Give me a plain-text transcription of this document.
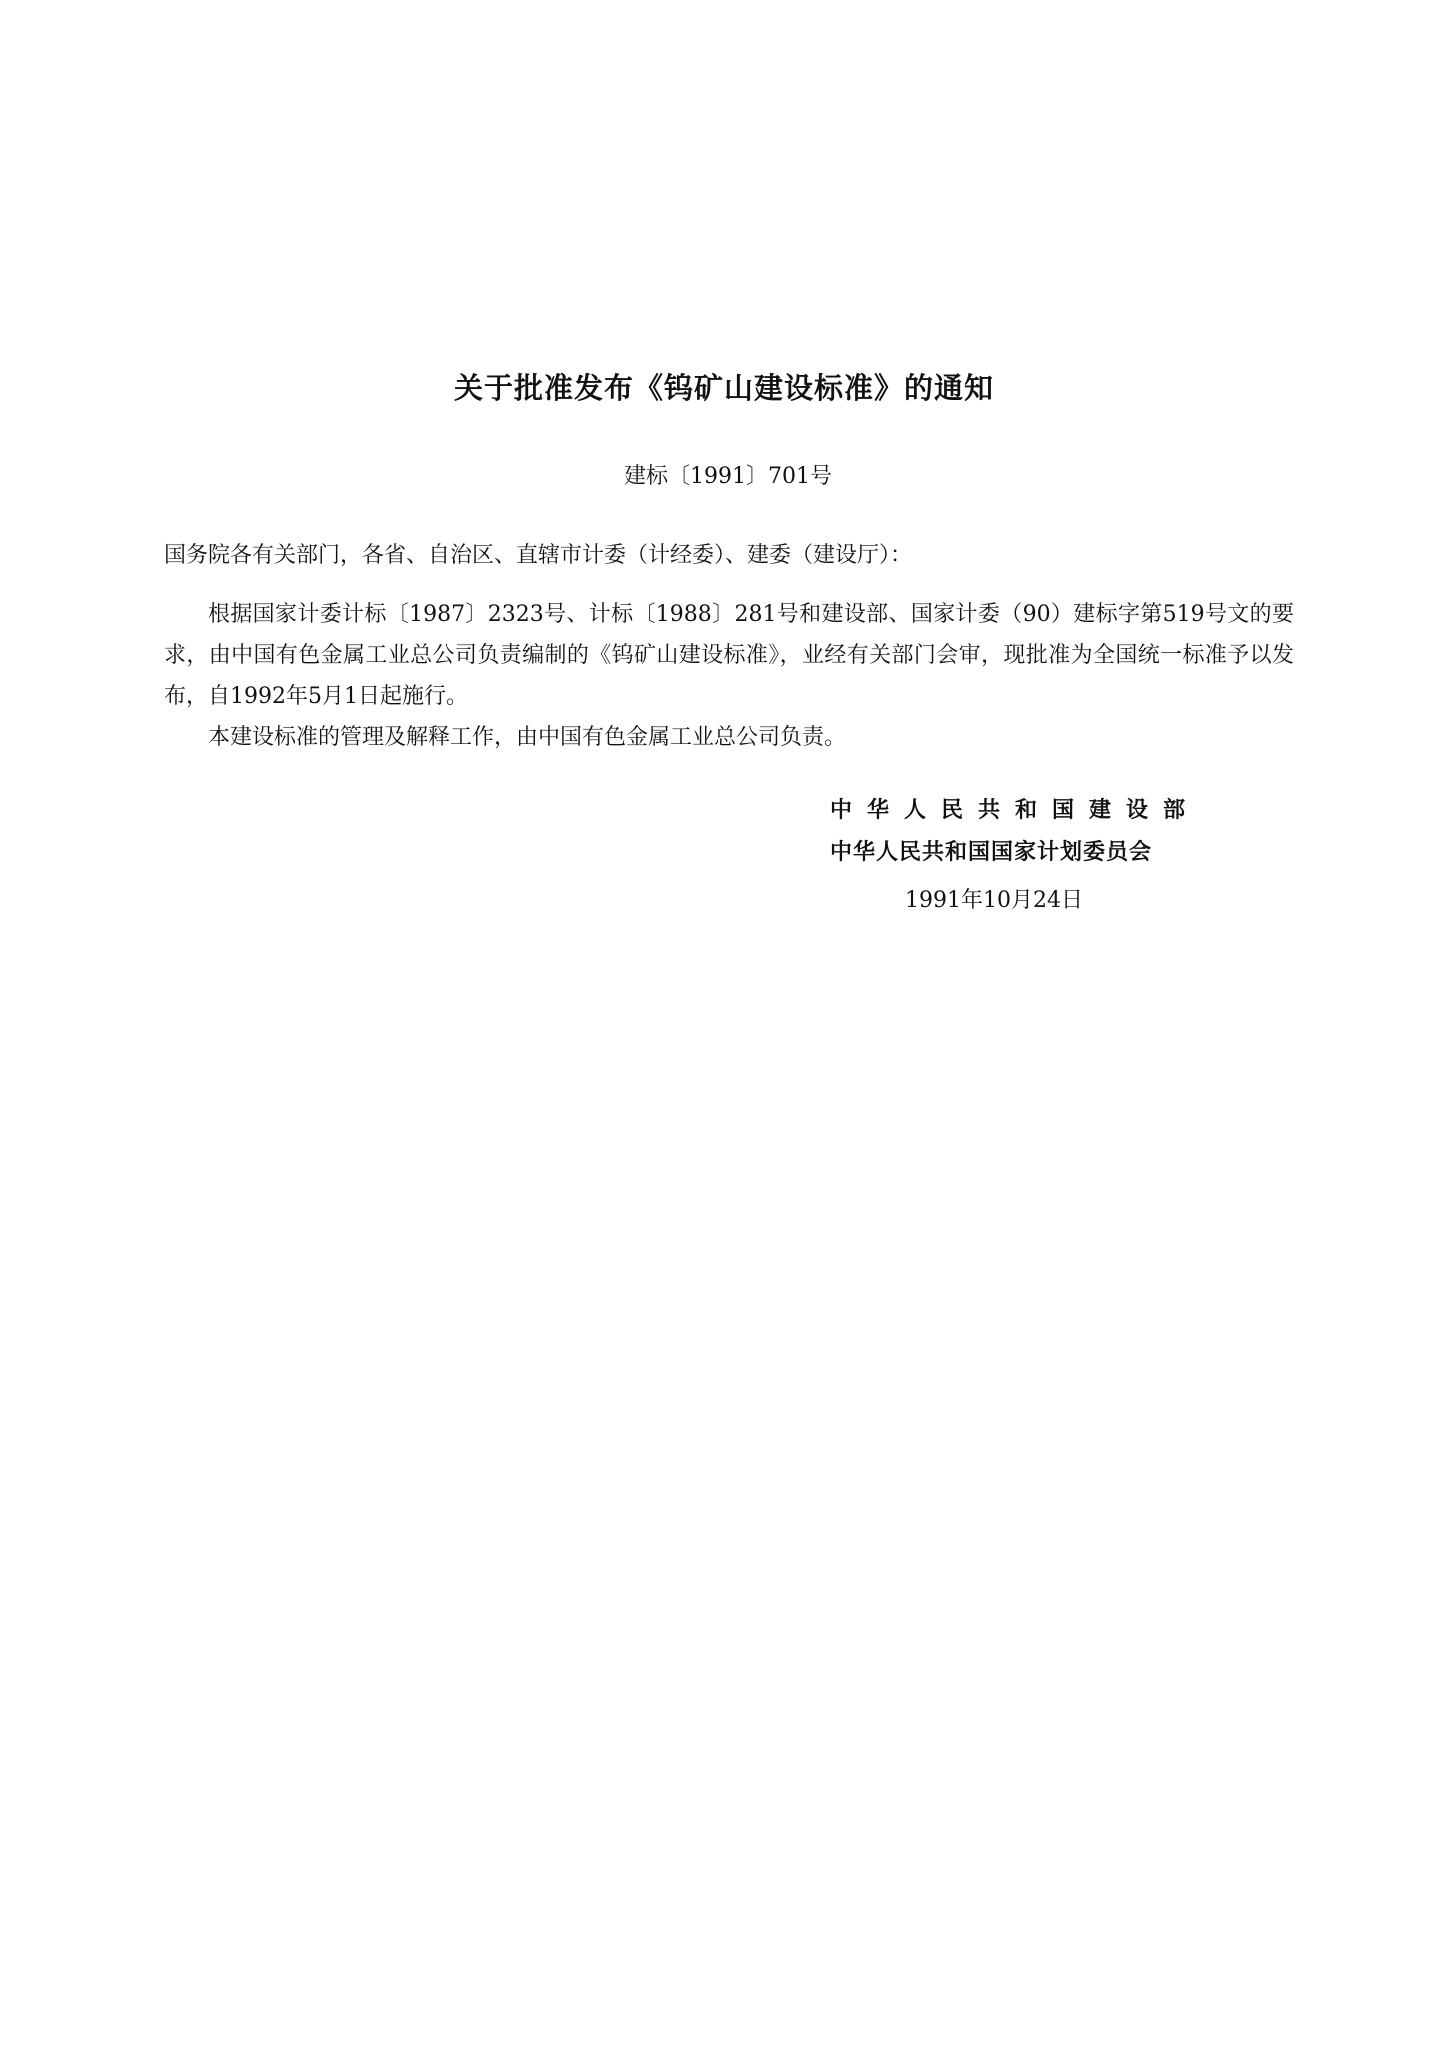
关于批准发布《钨矿山建设标准》的通知
建标〔1991〕701号
国务院各有关部门，各省、自治区、直辖市计委（计经委）、建委（建设厅）：

根据国家计委计标〔1987〕2323号、计标〔1988〕281号和建设部、国家计委（90）建标字第519号文的要求，由中国有色金属工业总公司负责编制的《钨矿山建设标准》，业经有关部门会审，现批准为全国统一标准予以发布，自1992年5月1日起施行。

本建设标准的管理及解释工作，由中国有色金属工业总公司负责。

中华人民共和国建设部
中华人民共和国国家计划委员会
1991年10月24日
